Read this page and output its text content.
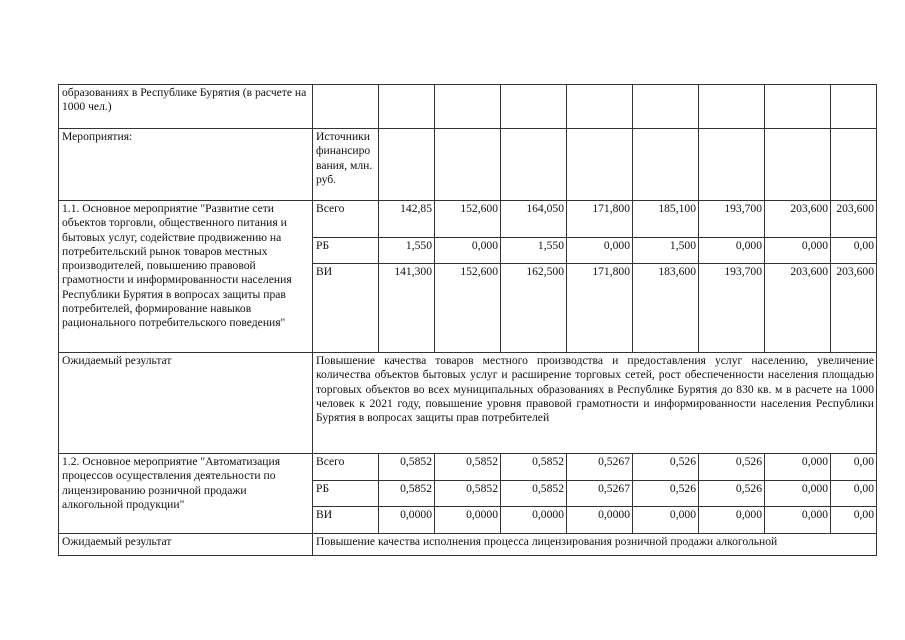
образованиях в Республике Бурятия (в расчете на 1000 чел.)									
Мероприятия:	Источники финансиро вания, млн. руб.								
1.1. Основное мероприятие "Развитие сети объектов торговли, общественного питания и бытовых услуг, содействие продвижению на потребительский рынок товаров местных производителей, повышению правовой грамотности и информированности населения Республики Бурятия в вопросах защиты прав потребителей, формирование навыков рационального потребительского поведения"	Всего	142,85	152,600	164,050	171,800	185,100	193,700	203,600	203,600
	РБ	1,550	0,000	1,550	0,000	1,500	0,000	0,000	0,00
	ВИ	141,300	152,600	162,500	171,800	183,600	193,700	203,600	203,600
Ожидаемый результат	Повышение качества товаров местного производства и предоставления услуг населению, увеличение количества объектов бытовых услуг и расширение торговых сетей, рост обеспеченности населения площадью торговых объектов во всех муниципальных образованиях в Республике Бурятия до 830 кв. м в расчете на 1000 человек к 2021 году, повышение уровня правовой грамотности и информированности населения Республики Бурятия в вопросах защиты прав потребителей								
1.2. Основное мероприятие "Автоматизация процессов осуществления деятельности по лицензированию розничной продажи алкогольной продукции"	Всего	0,5852	0,5852	0,5852	0,5267	0,526	0,526	0,000	0,00
	РБ	0,5852	0,5852	0,5852	0,5267	0,526	0,526	0,000	0,00
	ВИ	0,0000	0,0000	0,0000	0,0000	0,000	0,000	0,000	0,00
Ожидаемый результат	Повышение качества исполнения процесса лицензирования розничной продажи алкогольной								
